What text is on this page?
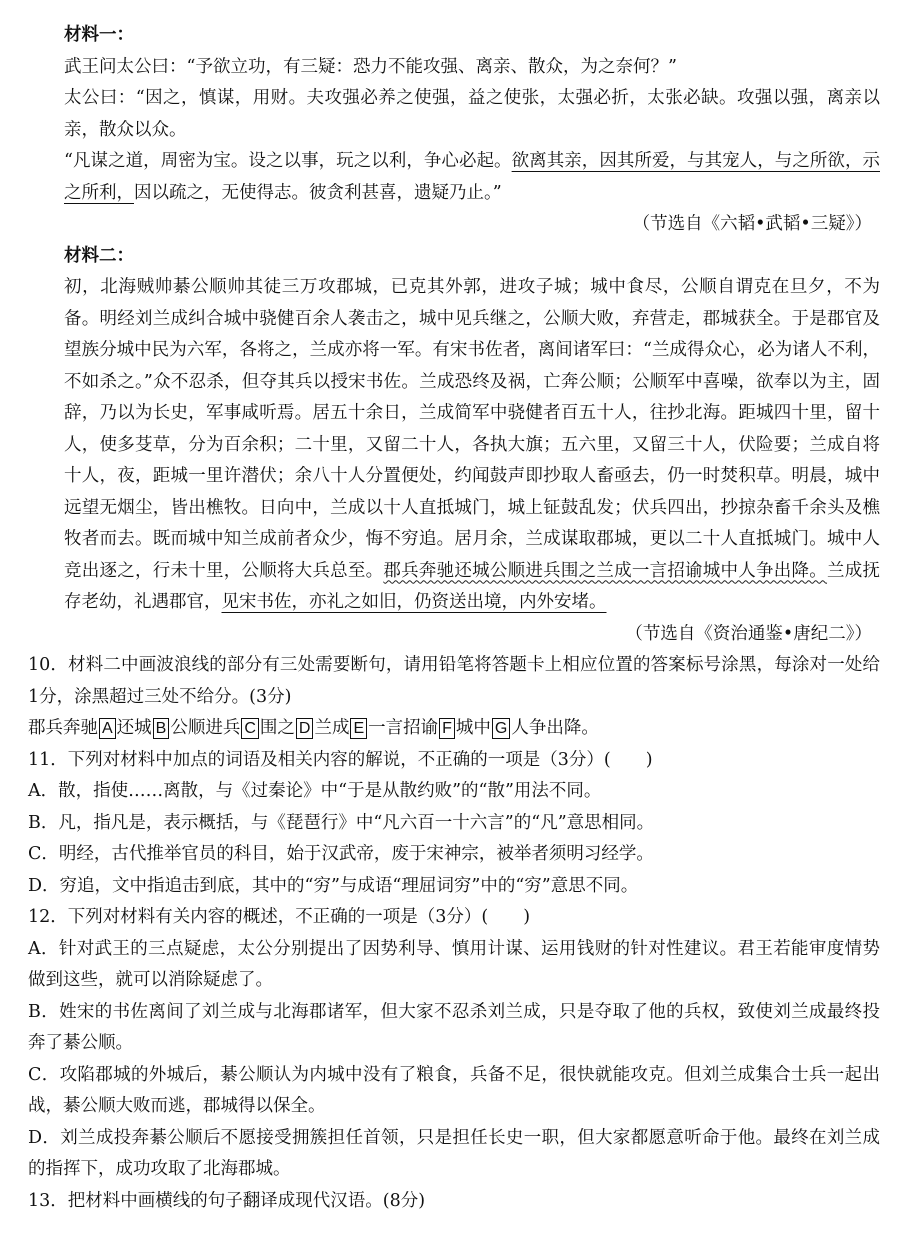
材料一：

武王问太公曰：“予欲立功，有三疑：恐力不能攻强、离亲、散众，为之奈何？”

太公曰：“因之，慎谋，用财。夫攻强必养之使强，益之使张，太强必折，太张必缺。攻强以强，离亲以亲，散众以众。

“凡谋之道，周密为宝。设之以事，玩之以利，争心必起。欲离其亲，因其所爱，与其宠人，与之所欲，示之所利，因以疏之，无使得志。彼贪利甚喜，遗疑乃止。”

（节选自《六韬•武韬•三疑》）

材料二：

初，北海贼帅綦公顺帅其徒三万攻郡城，已克其外郭，进攻子城；城中食尽，公顺自谓克在旦夕，不为备。明经刘兰成纠合城中骁健百余人袭击之，城中见兵继之，公顺大败，弃营走，郡城获全。于是郡官及望族分城中民为六军，各将之，兰成亦将一军。有宋书佐者，离间诸军曰：“兰成得众心，必为诸人不利，不如杀之。”众不忍杀，但夺其兵以授宋书佐。兰成恐终及祸，亡奔公顺；公顺军中喜噪，欲奉以为主，固辞，乃以为长史，军事咸听焉。居五十余日，兰成简军中骁健者百五十人，往抄北海。距城四十里，留十人，使多芟草，分为百余积；二十里，又留二十人，各执大旗；五六里，又留三十人，伏险要；兰成自将十人，夜，距城一里许潜伏；余八十人分置便处，约闻鼓声即抄取人畜亟去，仍一时焚积草。明晨，城中远望无烟尘，皆出樵牧。日向中，兰成以十人直抵城门，城上钲鼓乱发；伏兵四出，抄掠杂畜千余头及樵牧者而去。既而城中知兰成前者众少，悔不穷追。居月余，兰成谋取郡城，更以二十人直抵城门。城中人竞出逐之，行未十里，公顺将大兵总至。郡兵奔驰还城公顺进兵围之兰成一言招谕城中人争出降。兰成抚存老幼，礼遇郡官，见宋书佐，亦礼之如旧，仍资送出境，内外安堵。

（节选自《资治通鉴•唐纪二》）

10．材料二中画波浪线的部分有三处需要断句，请用铅笔将答题卡上相应位置的答案标号涂黑，每涂对一处给1分，涂黑超过三处不给分。(3分)

郡兵奔驰 A 还城 B 公顺进兵 C 围之 D 兰成 E 一言招谕 F 城中 G 人争出降。

11．下列对材料中加点的词语及相关内容的解说，不正确的一项是（3分）(　　)

A．散，指使……离散，与《过秦论》中“于是从散约败”的“散”用法不同。

B．凡，指凡是，表示概括，与《琵琶行》中“凡六百一十六言”的“凡”意思相同。

C．明经，古代推举官员的科目，始于汉武帝，废于宋神宗，被举者须明习经学。

D．穷追，文中指追击到底，其中的“穷”与成语“理屈词穷”中的“穷”意思不同。

12．下列对材料有关内容的概述，不正确的一项是（3分）(　　)

A．针对武王的三点疑虑，太公分别提出了因势利导、慎用计谋、运用钱财的针对性建议。君王若能审度情势做到这些，就可以消除疑虑了。

B．姓宋的书佐离间了刘兰成与北海郡诸军，但大家不忍杀刘兰成，只是夺取了他的兵权，致使刘兰成最终投奔了綦公顺。

C．攻陷郡城的外城后，綦公顺认为内城中没有了粮食，兵备不足，很快就能攻克。但刘兰成集合士兵一起出战，綦公顺大败而逃，郡城得以保全。

D．刘兰成投奔綦公顺后不愿接受拥簇担任首领，只是担任长史一职，但大家都愿意听命于他。最终在刘兰成的指挥下，成功攻取了北海郡城。

13．把材料中画横线的句子翻译成现代汉语。(8分)
